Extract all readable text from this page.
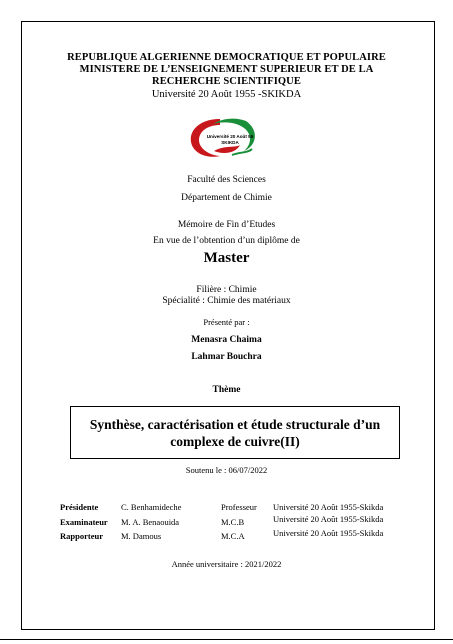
REPUBLIQUE ALGERIENNE DEMOCRATIQUE ET POPULAIRE
MINISTERE DE L’ENSEIGNEMENT SUPERIEUR ET DE LA
RECHERCHE SCIENTIFIQUE
Université 20 Août 1955 -SKIKDA
Université 20 Août 55
SKIKDA
Faculté des Sciences
Département de Chimie
Mémoire de Fin d’Etudes
En vue de l’obtention d’un diplôme de
Master
Filière : Chimie
Spécialité : Chimie des matériaux
Présenté par :
Menasra Chaima
Lahmar Bouchra
Thème
Synthèse, caractérisation et étude structurale d’un
complexe de cuivre(II)
Soutenu le : 06/07/2022
Présidente	C. Benhamideche	Professeur Université 20 Août 1955-Skikda
Examinateur M. A. Benaouida	M.C.B	Université 20 Août 1955-Skikda
Rapporteur M. Damous	M.C.A	Université 20 Août 1955-Skikda
Année universitaire : 2021/2022
